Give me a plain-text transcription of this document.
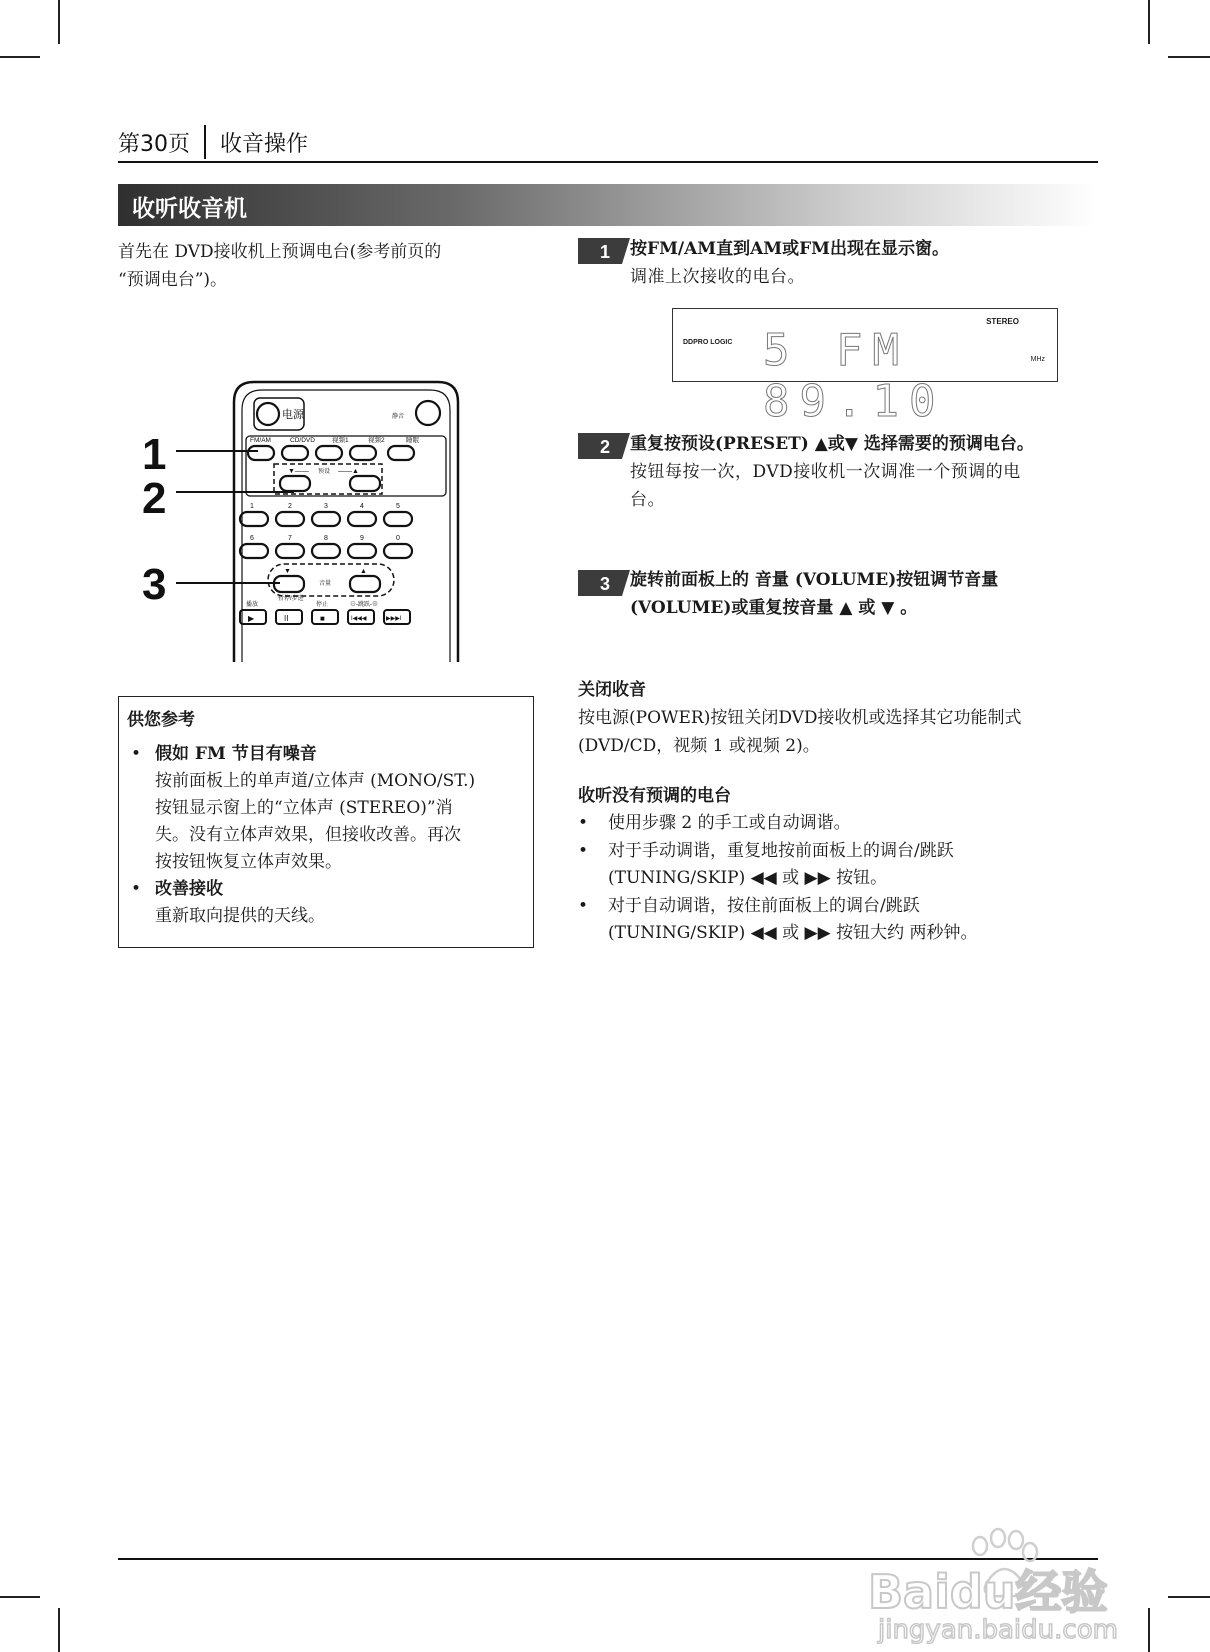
第30页 收音操作
收听收音机
首先在 DVD接收机上预调电台(参考前页的
“预调电台”)。
1
2
3
电源	静音
FM/AM	CD/DVD	视频1	视频2	睡眠
▼—— 预设 ——▲
1	2	3	4	5
6	7	8	9	0
▼	▲
音量
播放
暂停/步进
停止	⊖-跳跃-⊕
▶	II	■	I◀◀◀	▶▶▶I
供您参考
• 假如 FM 节目有噪音
按前面板上的单声道/立体声 (MONO/ST.)
按钮显示窗上的“立体声 (STEREO)”消
失。没有立体声效果，但接收改善。再次
按按钮恢复立体声效果。
• 改善接收
重新取向提供的天线。
1 按FM/AM直到AM或FM出现在显示窗。
调准上次接收的电台。
STEREO
DDPRO LOGIC 5 FM 89.10
MHz
2 重复按预设(PRESET) ▲或▼ 选择需要的预调电台。
按钮每按一次，DVD接收机一次调准一个预调的电
台。
3 旋转前面板上的 音量 (VOLUME)按钮调节音量
(VOLUME)或重复按音量 ▲ 或 ▼ 。
关闭收音
按电源(POWER)按钮关闭DVD接收机或选择其它功能制式
(DVD/CD，视频 1 或视频 2)。
收听没有预调的电台
• 使用步骤 2 的手工或自动调谐。
• 对于手动调谐，重复地按前面板上的调台/跳跃
(TUNING/SKIP) ◀◀ 或 ▶▶ 按钮。
• 对于自动调谐，按住前面板上的调台/跳跃
(TUNING/SKIP) ◀◀ 或 ▶▶ 按钮大约 两秒钟。
Baidu经验
jingyan.baidu.com
